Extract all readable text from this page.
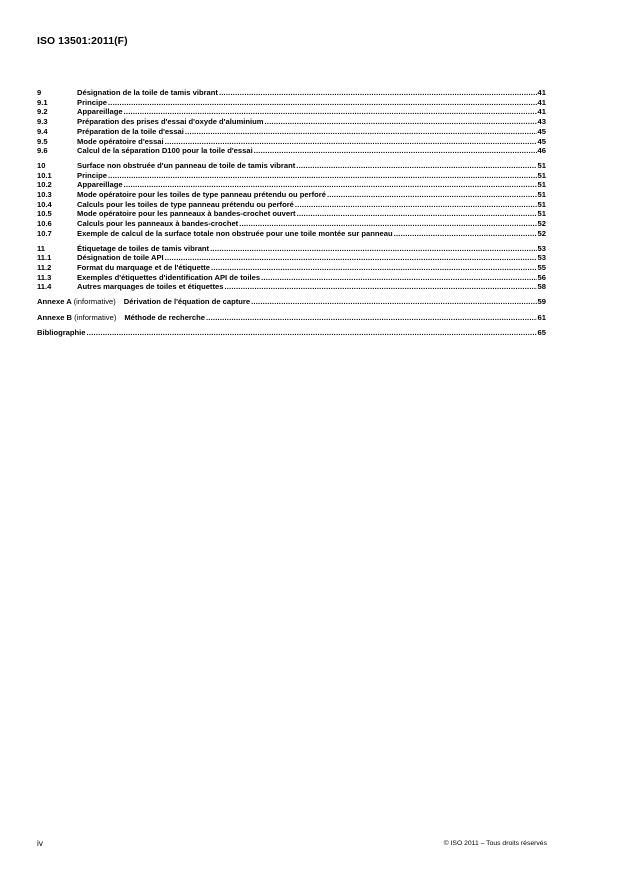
ISO 13501:2011(F)
9	Désignation de la toile de tamis vibrant .....	41
9.1	Principe .....	41
9.2	Appareillage .....	41
9.3	Préparation des prises d'essai d'oxyde d'aluminium .....	43
9.4	Préparation de la toile d'essai .....	45
9.5	Mode opératoire d'essai .....	45
9.6	Calcul de la séparation D100 pour la toile d'essai .....	46
10	Surface non obstruée d'un panneau de toile de tamis vibrant .....	51
10.1	Principe .....	51
10.2	Appareillage .....	51
10.3	Mode opératoire pour les toiles de type panneau prétendu ou perforé .....	51
10.4	Calculs pour les toiles de type panneau prétendu ou perforé .....	51
10.5	Mode opératoire pour les panneaux à bandes-crochet ouvert .....	51
10.6	Calculs pour les panneaux à bandes-crochet .....	52
10.7	Exemple de calcul de la surface totale non obstruée pour une toile montée sur panneau .....	52
11	Étiquetage de toiles de tamis vibrant .....	53
11.1	Désignation de toile API .....	53
11.2	Format du marquage et de l'étiquette .....	55
11.3	Exemples d'étiquettes d'identification API de toiles .....	56
11.4	Autres marquages de toiles et étiquettes .....	58
Annexe A (informative) Dérivation de l'équation de capture .....	59
Annexe B (informative) Méthode de recherche .....	61
Bibliographie .....	65
iv	© ISO 2011 – Tous droits réservés
